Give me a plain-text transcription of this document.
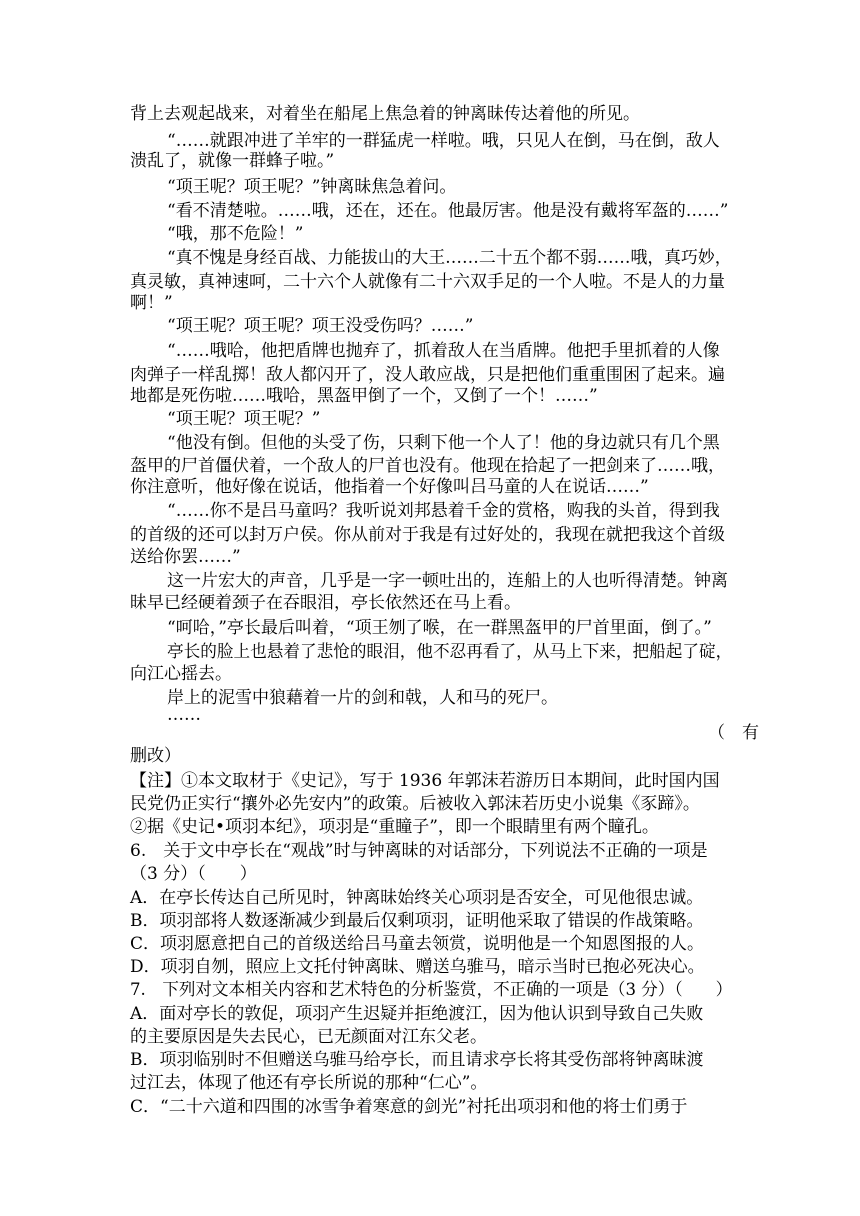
背上去观起战来，对着坐在船尾上焦急着的钟离昧传达着他的所见。
“……就跟冲进了羊牢的一群猛虎一样啦。哦，只见人在倒，马在倒，敌人
溃乱了，就像一群蜂子啦。”
“项王呢？项王呢？”钟离昧焦急着问。
“看不清楚啦。……哦，还在，还在。他最厉害。他是没有戴将军盔的……”
“哦，那不危险！”
“真不愧是身经百战、力能拔山的大王……二十五个都不弱……哦，真巧妙，
真灵敏，真神速呵，二十六个人就像有二十六双手足的一个人啦。不是人的力量
啊！”
“项王呢？项王呢？项王没受伤吗？……”
“……哦哈，他把盾牌也抛弃了，抓着敌人在当盾牌。他把手里抓着的人像
肉弹子一样乱掷！敌人都闪开了，没人敢应战，只是把他们重重围困了起来。遍
地都是死伤啦……哦哈，黑盔甲倒了一个，又倒了一个！……”
“项王呢？项王呢？”
“他没有倒。但他的头受了伤，只剩下他一个人了！他的身边就只有几个黑
盔甲的尸首僵伏着，一个敌人的尸首也没有。他现在拾起了一把剑来了……哦，
你注意听，他好像在说话，他指着一个好像叫吕马童的人在说话……”
“……你不是吕马童吗？我听说刘邦悬着千金的赏格，购我的头首，得到我
的首级的还可以封万户侯。你从前对于我是有过好处的，我现在就把我这个首级
送给你罢……”
这一片宏大的声音，几乎是一字一顿吐出的，连船上的人也听得清楚。钟离
昧早已经硬着颈子在吞眼泪，亭长依然还在马上看。
“呵哈，”亭长最后叫着，“项王刎了喉，在一群黑盔甲的尸首里面，倒了。”
亭长的脸上也悬着了悲怆的眼泪，他不忍再看了，从马上下来，把船起了碇，
向江心摇去。
岸上的泥雪中狼藉着一片的剑和戟，人和马的死尸。
……
（　有
删改）
【注】①本文取材于《史记》，写于 1936 年郭沫若游历日本期间，此时国内国
民党仍正实行“攘外必先安内”的政策。后被收入郭沫若历史小说集《豕蹄》。
②据《史记•项羽本纪》，项羽是“重瞳子”，即一个眼睛里有两个瞳孔。
6.　关于文中亭长在“观战”时与钟离昧的对话部分，下列说法不正确的一项是
（3 分）（　　）
A．在亭长传达自己所见时，钟离昧始终关心项羽是否安全，可见他很忠诚。
B．项羽部将人数逐渐减少到最后仅剩项羽，证明他采取了错误的作战策略。
C．项羽愿意把自己的首级送给吕马童去领赏，说明他是一个知恩图报的人。
D．项羽自刎，照应上文托付钟离昧、赠送乌骓马，暗示当时已抱必死决心。
7.　下列对文本相关内容和艺术特色的分析鉴赏，不正确的一项是（3 分）（　　）
A．面对亭长的敦促，项羽产生迟疑并拒绝渡江，因为他认识到导致自己失败
的主要原因是失去民心，已无颜面对江东父老。
B．项羽临别时不但赠送乌骓马给亭长，而且请求亭长将其受伤部将钟离昧渡
过江去，体现了他还有亭长所说的那种“仁心”。
C．“二十六道和四围的冰雪争着寒意的剑光”衬托出项羽和他的将士们勇于
